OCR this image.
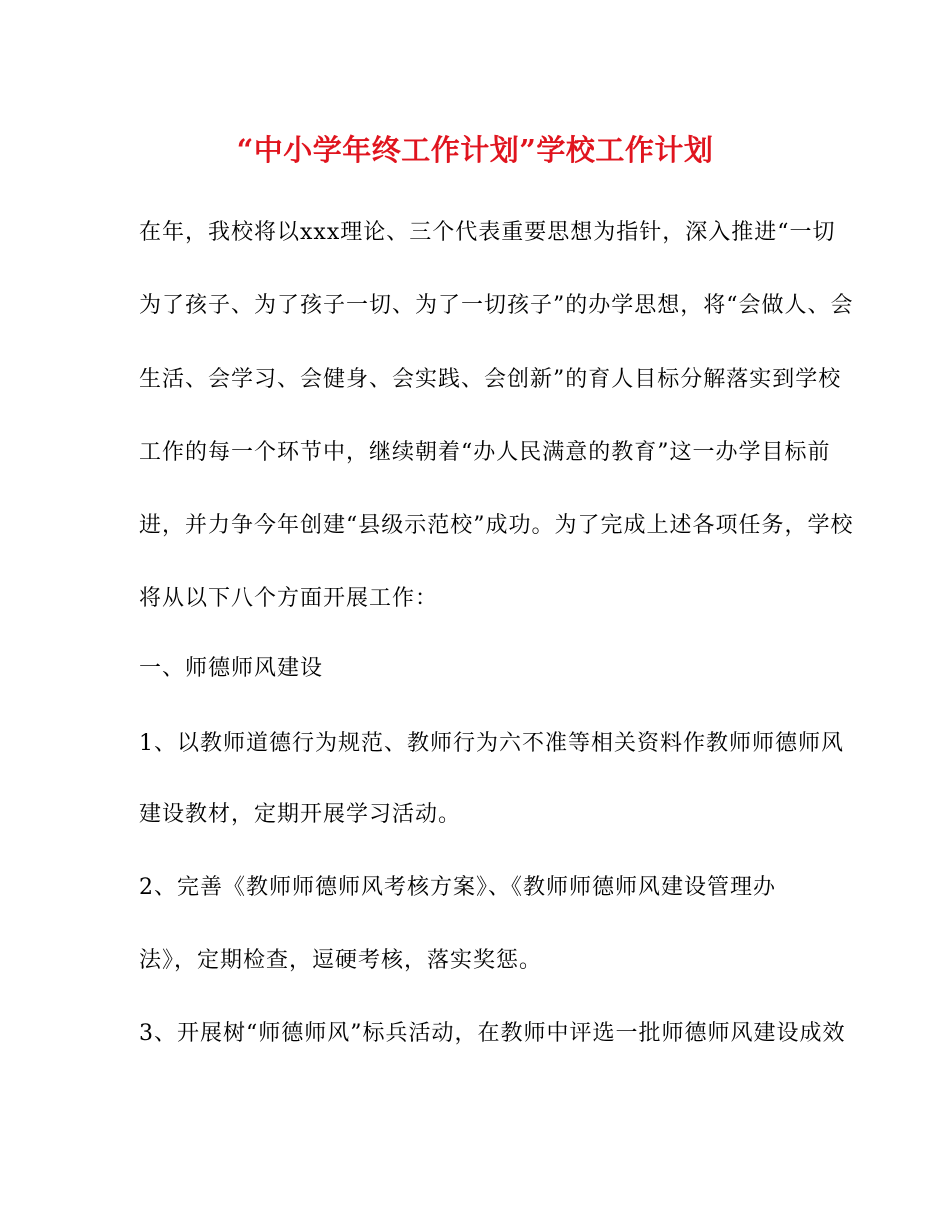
“中小学年终工作计划”学校工作计划
在年，我校将以xxx理论、三个代表重要思想为指针，深入推进“一切
为了孩子、为了孩子一切、为了一切孩子”的办学思想，将“会做人、会
生活、会学习、会健身、会实践、会创新”的育人目标分解落实到学校
工作的每一个环节中，继续朝着“办人民满意的教育”这一办学目标前
进，并力争今年创建“县级示范校”成功。为了完成上述各项任务，学校
将从以下八个方面开展工作：
一、师德师风建设
1、以教师道德行为规范、教师行为六不准等相关资料作教师师德师风
建设教材，定期开展学习活动。
2、完善《教师师德师风考核方案》、《教师师德师风建设管理办
法》，定期检查，逗硬考核，落实奖惩。
3、开展树“师德师风”标兵活动，在教师中评选一批师德师风建设成效
